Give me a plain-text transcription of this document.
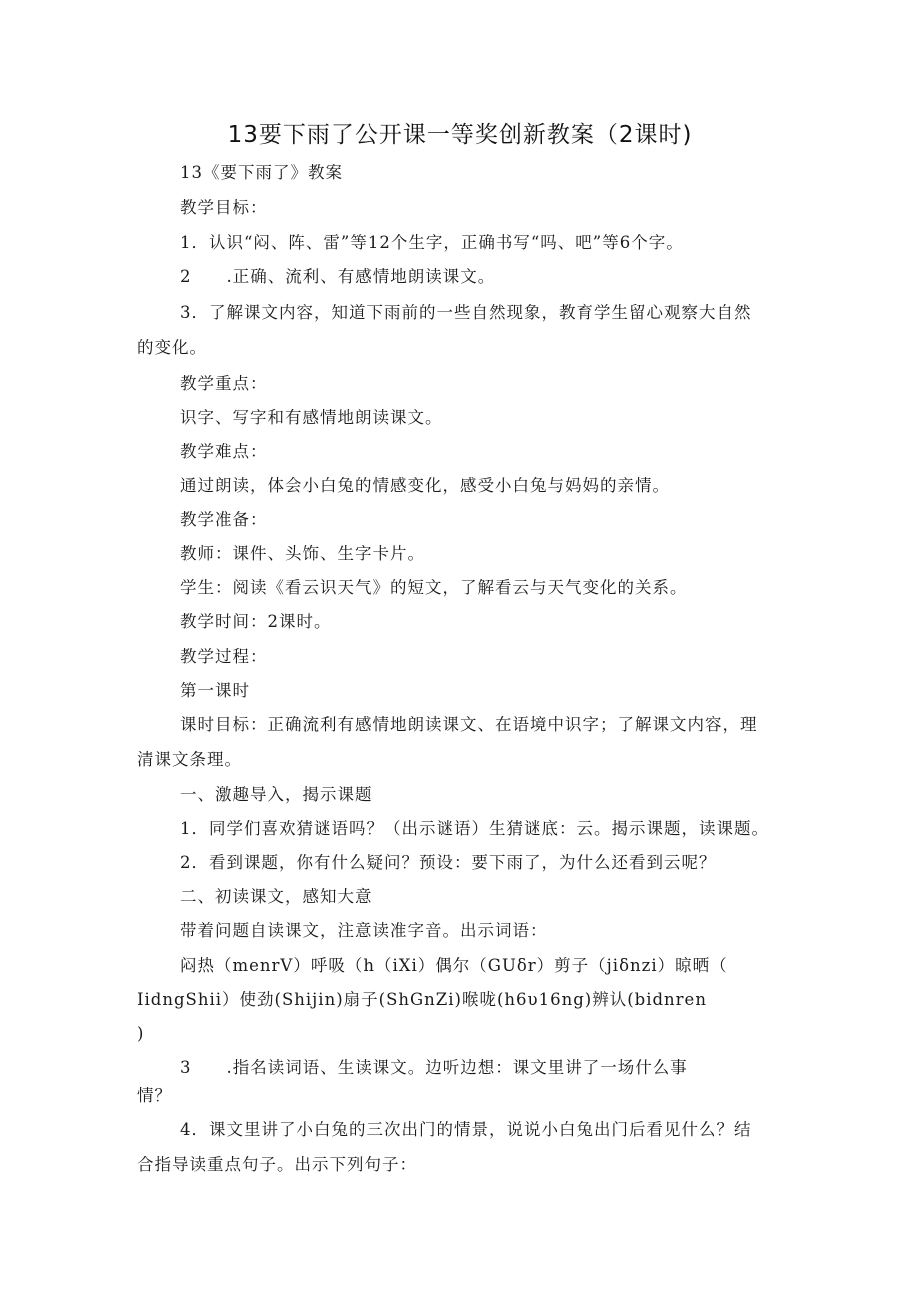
13要下雨了公开课一等奖创新教案（2课时)
13《要下雨了》教案
教学目标：
1．认识“闷、阵、雷”等12个生字，正确书写“吗、吧”等6个字。
2　　.正确、流利、有感情地朗读课文。
3．了解课文内容，知道下雨前的一些自然现象，教育学生留心观察大自然
的变化。
教学重点：
识字、写字和有感情地朗读课文。
教学难点：
通过朗读，体会小白兔的情感变化，感受小白兔与妈妈的亲情。
教学准备：
教师：课件、头饰、生字卡片。
学生：阅读《看云识天气》的短文，了解看云与天气变化的关系。
教学时间：2课时。
教学过程：
第一课时
课时目标：正确流利有感情地朗读课文、在语境中识字；了解课文内容，理
清课文条理。
一、激趣导入，揭示课题
1．同学们喜欢猜谜语吗？（出示谜语）生猜谜底：云。揭示课题，读课题。
2．看到课题，你有什么疑问？预设：要下雨了，为什么还看到云呢？
二、初读课文，感知大意
带着问题自读课文，注意读准字音。出示词语：
闷热（menrV）呼吸（h（iXi）偶尔（GUδr）剪子（jiδnzi）晾晒（
IidngShii）使劲(Shijin)扇子(ShGnZi)喉咙(h6υ16ng)辨认(bidnren
)
3　　.指名读词语、生读课文。边听边想：课文里讲了一场什么事
情？
4．课文里讲了小白兔的三次出门的情景，说说小白兔出门后看见什么？结
合指导读重点句子。出示下列句子：
